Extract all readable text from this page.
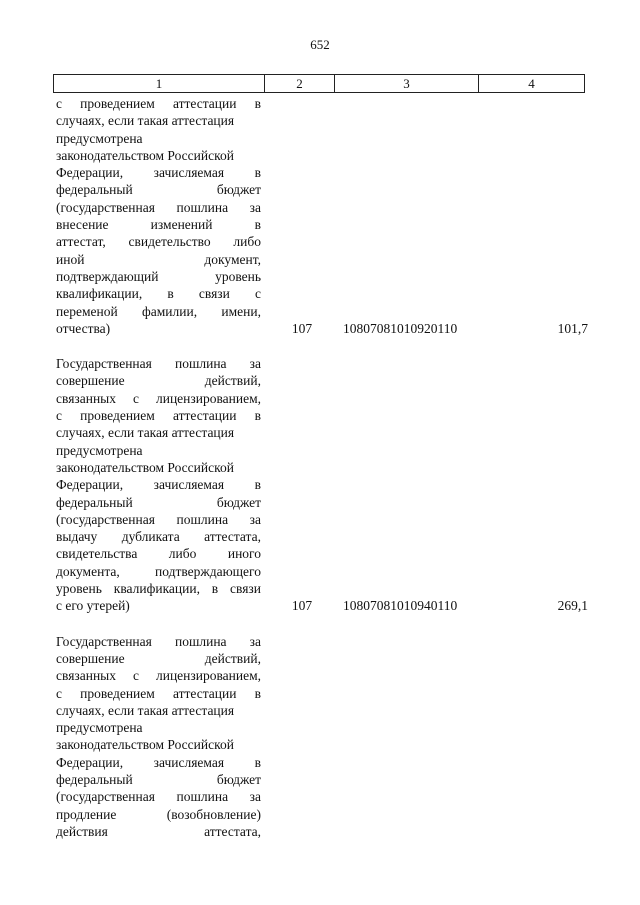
652
1	2	3	4
с проведением аттестации в
случаях, если такая аттестация
предусмотрена
законодательством Российской
Федерации, зачисляемая в
федеральный бюджет
(государственная пошлина за
внесение изменений в
аттестат, свидетельство либо
иной документ,
подтверждающий уровень
квалификации, в связи с
переменой фамилии, имени,
отчества)	107	10807081010920110	101,7
Государственная пошлина за
совершение действий,
связанных с лицензированием,
с проведением аттестации в
случаях, если такая аттестация
предусмотрена
законодательством Российской
Федерации, зачисляемая в
федеральный бюджет
(государственная пошлина за
выдачу дубликата аттестата,
свидетельства либо иного
документа, подтверждающего
уровень квалификации, в связи
с его утерей)	107	10807081010940110	269,1
Государственная пошлина за
совершение действий,
связанных с лицензированием,
с проведением аттестации в
случаях, если такая аттестация
предусмотрена
законодательством Российской
Федерации, зачисляемая в
федеральный бюджет
(государственная пошлина за
продление (возобновление)
действия аттестата,
